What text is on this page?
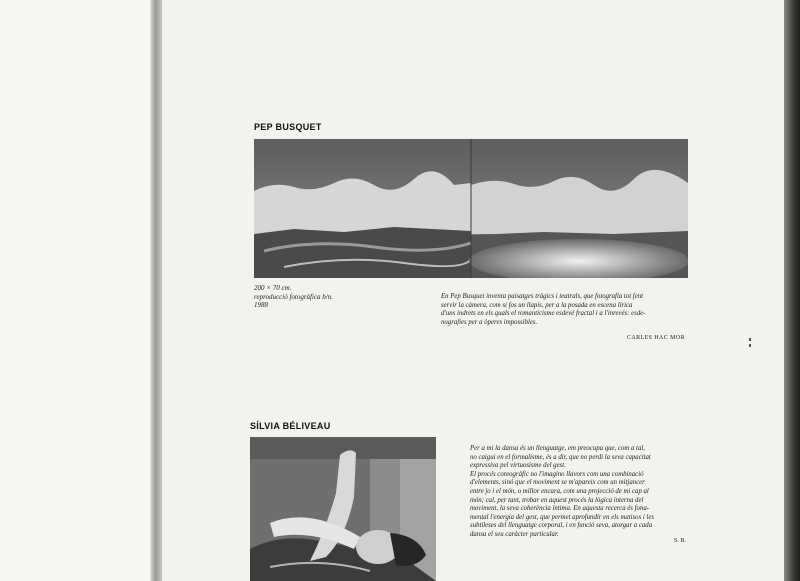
PEP BUSQUET
200 × 70 cm.
reproducció fotogràfica b/n.
1988
En Pep Busquet inventa paisatges tràgics i teatrals, que fotografia tot fent
servir la càmera, com si fos un llapis, per a la posada en escena lírica
d'uns indrets en els quals el romanticisme esdevé fractal i a l'inrevés: esde-
nografies per a òperes impossibles.
CARLES HAC MOR
SÍLVIA BÉLIVEAU
Per a mi la dansa és un llenguatge, em preocupa que, com a tal,
no caigui en el formalisme, és a dir, que no perdi la seva capacitat
expressiva pel virtuosisme del gest.
El procés coreogràfic no l'imagino llavors com una combinació
d'elements, sinó que el moviment se m'apareix com un mitjancer
entre jo i el món, o millor encara, com una projecció de mi cap al
món; cal, per tant, trobar en aquest procés la lògica interna del
moviment, la seva coherència íntima. En aquesta recerca és fona-
mental l'energia del gest, que permet aprofundir en els matisos i les
subtileses del llenguatge corporal, i en funció seva, atorgar a cada
dansa el seu caràcter particular.
S. B.
